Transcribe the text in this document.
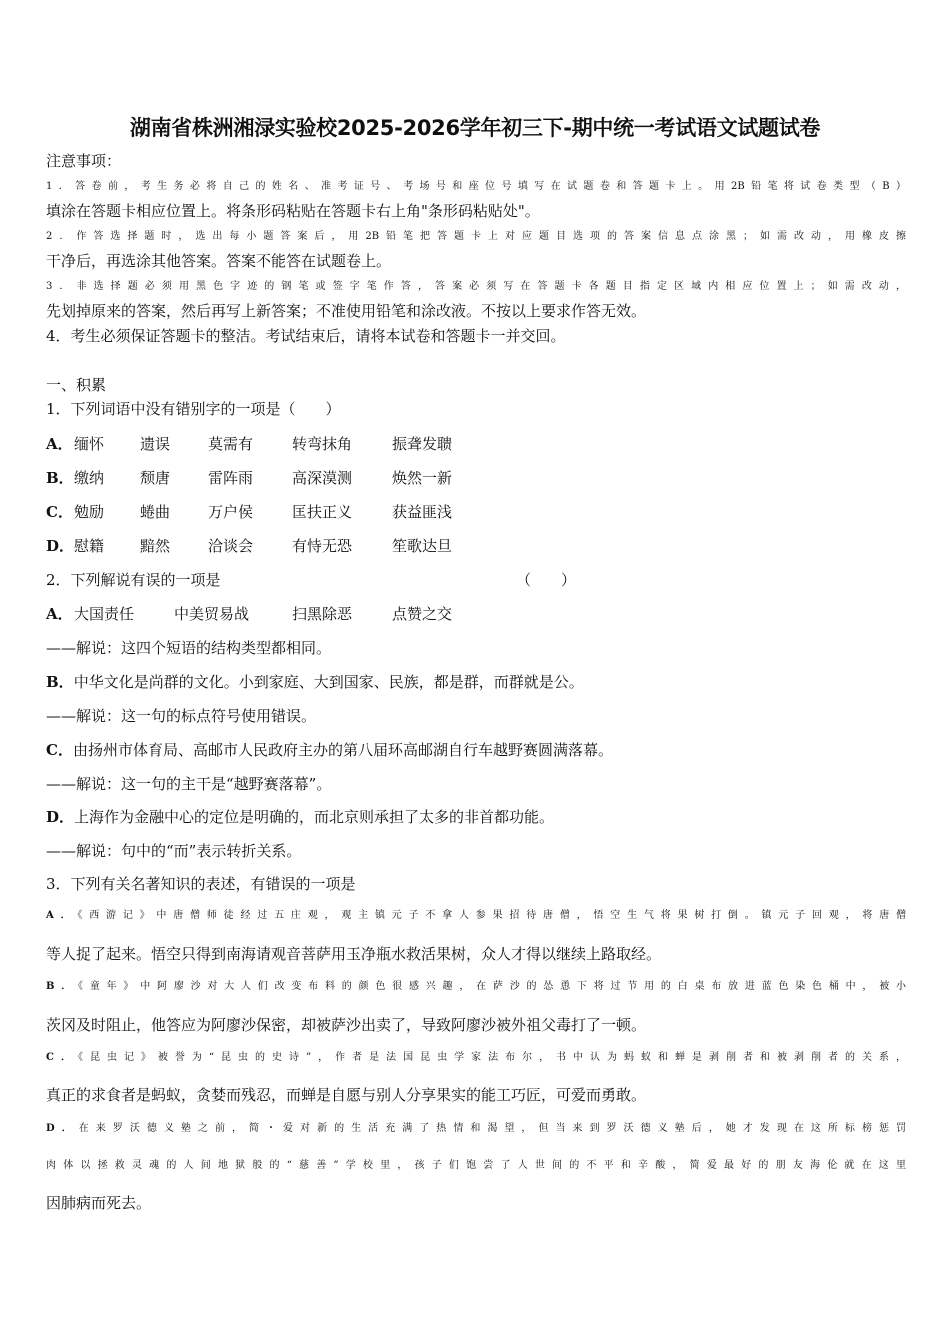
湖南省株洲湘渌实验校2025-2026学年初三下-期中统一考试语文试题试卷
注意事项：
1．答卷前，考生务必将自己的姓名、准考证号、考场号和座位号填写在试题卷和答题卡上。用2B铅笔将试卷类型（B）
填涂在答题卡相应位置上。将条形码粘贴在答题卡右上角"条形码粘贴处"。
2．作答选择题时，选出每小题答案后，用2B铅笔把答题卡上对应题目选项的答案信息点涂黑；如需改动，用橡皮擦
干净后，再选涂其他答案。答案不能答在试题卷上。
3．非选择题必须用黑色字迹的钢笔或签字笔作答，答案必须写在答题卡各题目指定区域内相应位置上；如需改动，
先划掉原来的答案，然后再写上新答案；不准使用铅笔和涂改液。不按以上要求作答无效。
4．考生必须保证答题卡的整洁。考试结束后，请将本试卷和答题卡一并交回。
一、积累
1．下列词语中没有错别字的一项是（　　）
A． 缅怀 遗误	莫需有	转弯抹角	振聋发聩
B． 缴纳 颓唐	雷阵雨	高深漠测	焕然一新
C． 勉励 蜷曲	万户侯	匡扶正义	获益匪浅
D． 慰籍 黯然	洽谈会	有恃无恐	笙歌达旦
2．下列解说有误的一项是	（　　）
A． 大国责任	中美贸易战	扫黑除恶	点赞之交
——解说：这四个短语的结构类型都相同。
B．中华文化是尚群的文化。小到家庭、大到国家、民族，都是群，而群就是公。
——解说：这一句的标点符号使用错误。
C．由扬州市体育局、高邮市人民政府主办的第八届环高邮湖自行车越野赛圆满落幕。
——解说：这一句的主干是“越野赛落幕”。
D．上海作为金融中心的定位是明确的，而北京则承担了太多的非首都功能。
——解说：句中的“而”表示转折关系。
3．下列有关名著知识的表述，有错误的一项是
A．《西游记》中唐僧师徒经过五庄观，观主镇元子不拿人参果招待唐僧，悟空生气将果树打倒。镇元子回观，将唐僧
等人捉了起来。悟空只得到南海请观音菩萨用玉净瓶水救活果树，众人才得以继续上路取经。
B．《童年》中阿廖沙对大人们改变布料的颜色很感兴趣，在萨沙的怂恿下将过节用的白桌布放进蓝色染色桶中，被小
茨冈及时阻止，他答应为阿廖沙保密，却被萨沙出卖了，导致阿廖沙被外祖父毒打了一顿。
C．《昆虫记》被誉为“昆虫的史诗”，作者是法国昆虫学家法布尔，书中认为蚂蚁和蝉是剥削者和被剥削者的关系，
真正的求食者是蚂蚁，贪婪而残忍，而蝉是自愿与别人分享果实的能工巧匠，可爱而勇敢。
D．在来罗沃德义塾之前，简・爱对新的生活充满了热情和渴望，但当来到罗沃德义塾后，她才发现在这所标榜惩罚
肉体以拯救灵魂的人间地狱般的“慈善”学校里，孩子们饱尝了人世间的不平和辛酸，简爱最好的朋友海伦就在这里
因肺病而死去。
